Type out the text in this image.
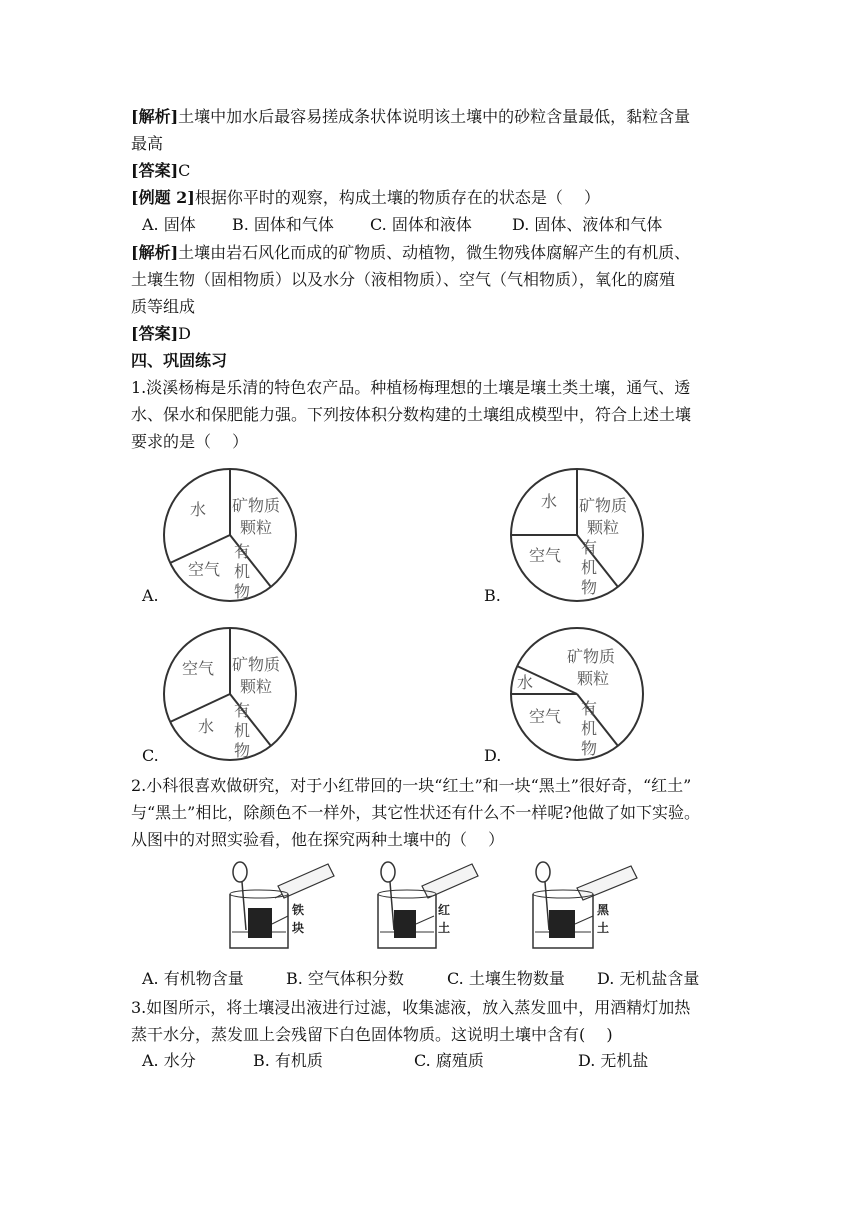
[解析]土壤中加水后最容易搓成条状体说明该土壤中的砂粒含量最低，黏粒含量
最高
[答案]C
[例题 2]根据你平时的观察，构成土壤的物质存在的状态是（　 ）
A. 固体 B. 固体和气体 C. 固体和液体	D. 固体、液体和气体
[解析]土壤由岩石风化而成的矿物质、动植物，微生物残体腐解产生的有机质、
土壤生物（固相物质）以及水分（液相物质）、空气（气相物质），氧化的腐殖
质等组成
[答案]D
四、巩固练习
1.淡溪杨梅是乐清的特色农产品。种植杨梅理想的土壤是壤土类土壤，通气、透
水、保水和保肥能力强。下列按体积分数构建的土壤组成模型中，符合上述土壤
要求的是（　 ）
水 矿物质
颗粒
空气
有
机
物
A.
水 矿物质
颗粒
空气 有
机
物
B.
空气 矿物质
颗粒
水
有
机
物
C.
矿物质
颗粒
水
空气 有
机
物
D.
2.小科很喜欢做研究，对于小红带回的一块“红土”和一块“黑土”很好奇，“红土”
与“黑土”相比，除颜色不一样外，其它性状还有什么不一样呢?他做了如下实验。
从图中的对照实验看，他在探究两种土壤中的（　 ）
铁
块
红
土
黑
土
A. 有机物含量	B. 空气体积分数	C. 土壤生物数量 D. 无机盐含量
3.如图所示，将土壤浸出液进行过滤，收集滤液，放入蒸发皿中，用酒精灯加热
蒸干水分，蒸发皿上会残留下白色固体物质。这说明土壤中含有(　 )
A. 水分	B. 有机质	C. 腐殖质	D. 无机盐
